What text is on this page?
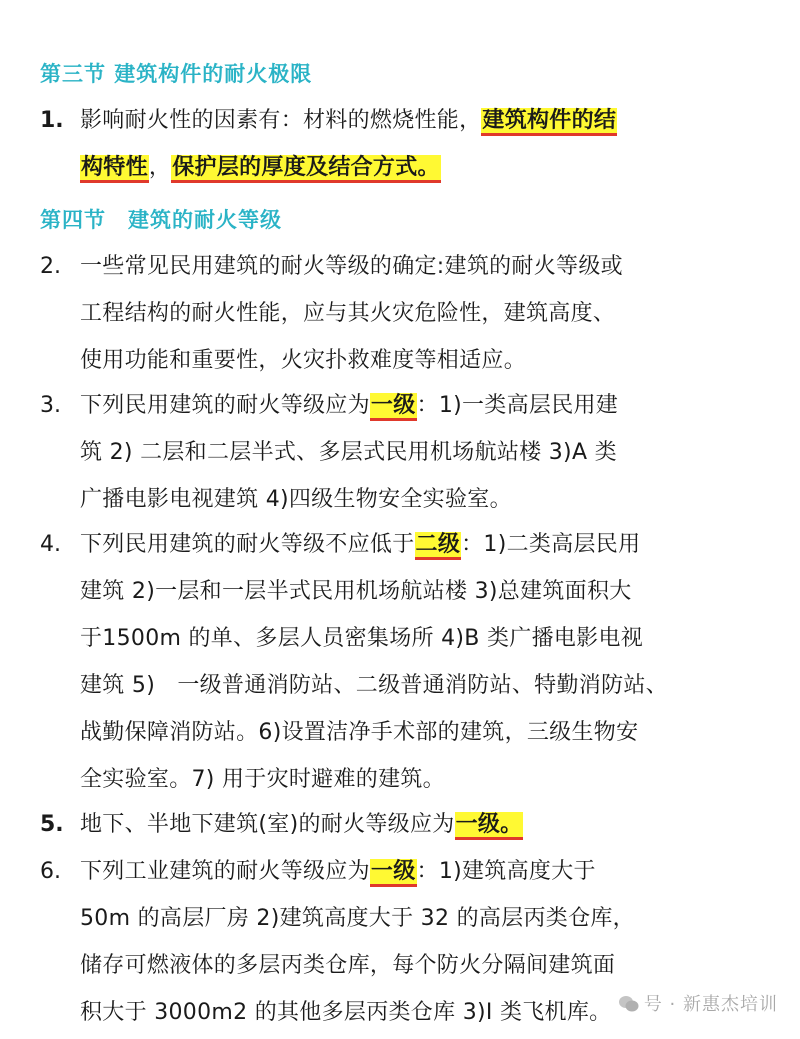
第三节 建筑构件的耐火极限
1. 影响耐火性的因素有：材料的燃烧性能，建筑构件的结
构特性，保护层的厚度及结合方式。
第四节　建筑的耐火等级
2. 一些常见民用建筑的耐火等级的确定:建筑的耐火等级或
工程结构的耐火性能，应与其火灾危险性，建筑高度、
使用功能和重要性，火灾扑救难度等相适应。
3. 下列民用建筑的耐火等级应为一级：1)一类高层民用建
筑 2) 二层和二层半式、多层式民用机场航站楼 3)A 类
广播电影电视建筑 4)四级生物安全实验室。
4. 下列民用建筑的耐火等级不应低于二级：1)二类高层民用
建筑 2)一层和一层半式民用机场航站楼 3)总建筑面积大
于1500m 的单、多层人员密集场所 4)B 类广播电影电视
建筑 5)　一级普通消防站、二级普通消防站、特勤消防站、
战勤保障消防站。6)设置洁净手术部的建筑，三级生物安
全实验室。7) 用于灾时避难的建筑。
5. 地下、半地下建筑(室)的耐火等级应为一级。
6. 下列工业建筑的耐火等级应为一级：1)建筑高度大于
50m 的高层厂房 2)建筑高度大于 32 的高层丙类仓库，
储存可燃液体的多层丙类仓库，每个防火分隔间建筑面
积大于 3000m2 的其他多层丙类仓库 3)I 类飞机库。	号 · 新惠杰培训
